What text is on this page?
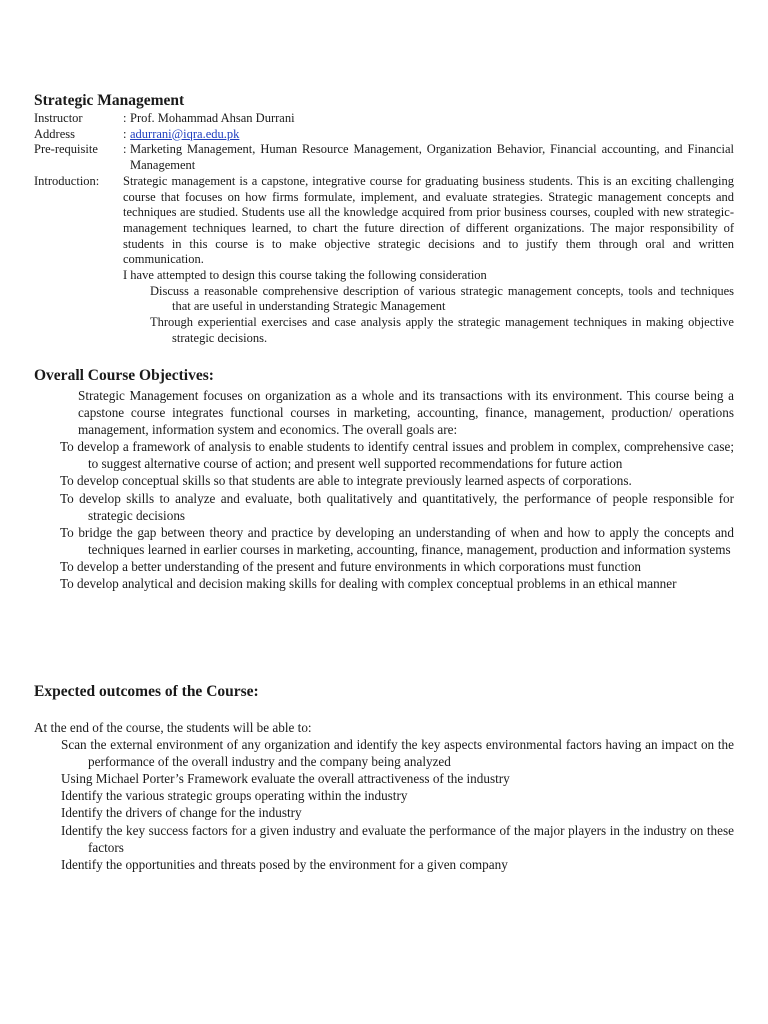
Strategic Management
Instructor	: Prof. Mohammad Ahsan Durrani
Address	: adurrani@iqra.edu.pk
Pre-requisite	: Marketing Management, Human Resource Management, Organization Behavior, Financial accounting, and Financial Management
Introduction:	Strategic management is a capstone, integrative course for graduating business students. This is an exciting challenging course that focuses on how firms formulate, implement, and evaluate strategies. Strategic management concepts and techniques are studied. Students use all the knowledge acquired from prior business courses, coupled with new strategic-management techniques learned, to chart the future direction of different organizations. The major responsibility of students in this course is to make objective strategic decisions and to justify them through oral and written communication.

I have attempted to design this course taking the following consideration

Discuss a reasonable comprehensive description of various strategic management concepts, tools and techniques that are useful in understanding Strategic Management
Through experiential exercises and case analysis apply the strategic management techniques in making objective strategic decisions.
Overall Course Objectives:

Strategic Management focuses on organization as a whole and its transactions with its environment. This course being a capstone course integrates functional courses in marketing, accounting, finance, management, production/ operations management, information system and economics. The overall goals are:

To develop a framework of analysis to enable students to identify central issues and problem in complex, comprehensive case; to suggest alternative course of action; and present well supported recommendations for future action
To develop conceptual skills so that students are able to integrate previously learned aspects of corporations.
To develop skills to analyze and evaluate, both qualitatively and quantitatively, the performance of people responsible for strategic decisions
To bridge the gap between theory and practice by developing an understanding of when and how to apply the concepts and techniques learned in earlier courses in marketing, accounting, finance, management, production and information systems
To develop a better understanding of the present and future environments in which corporations must function
To develop analytical and decision making skills for dealing with complex conceptual problems in an ethical manner
Expected outcomes of the Course:

At the end of the course, the students will be able to:

Scan the external environment of any organization and identify the key aspects environmental factors having an impact on the performance of the overall industry and the company being analyzed
Using Michael Porter’s Framework evaluate the overall attractiveness of the industry
Identify the various strategic groups operating within the industry
Identify the drivers of change for the industry
Identify the key success factors for a given industry and evaluate the performance of the major players in the industry on these factors
Identify the opportunities and threats posed by the environment for a given company
